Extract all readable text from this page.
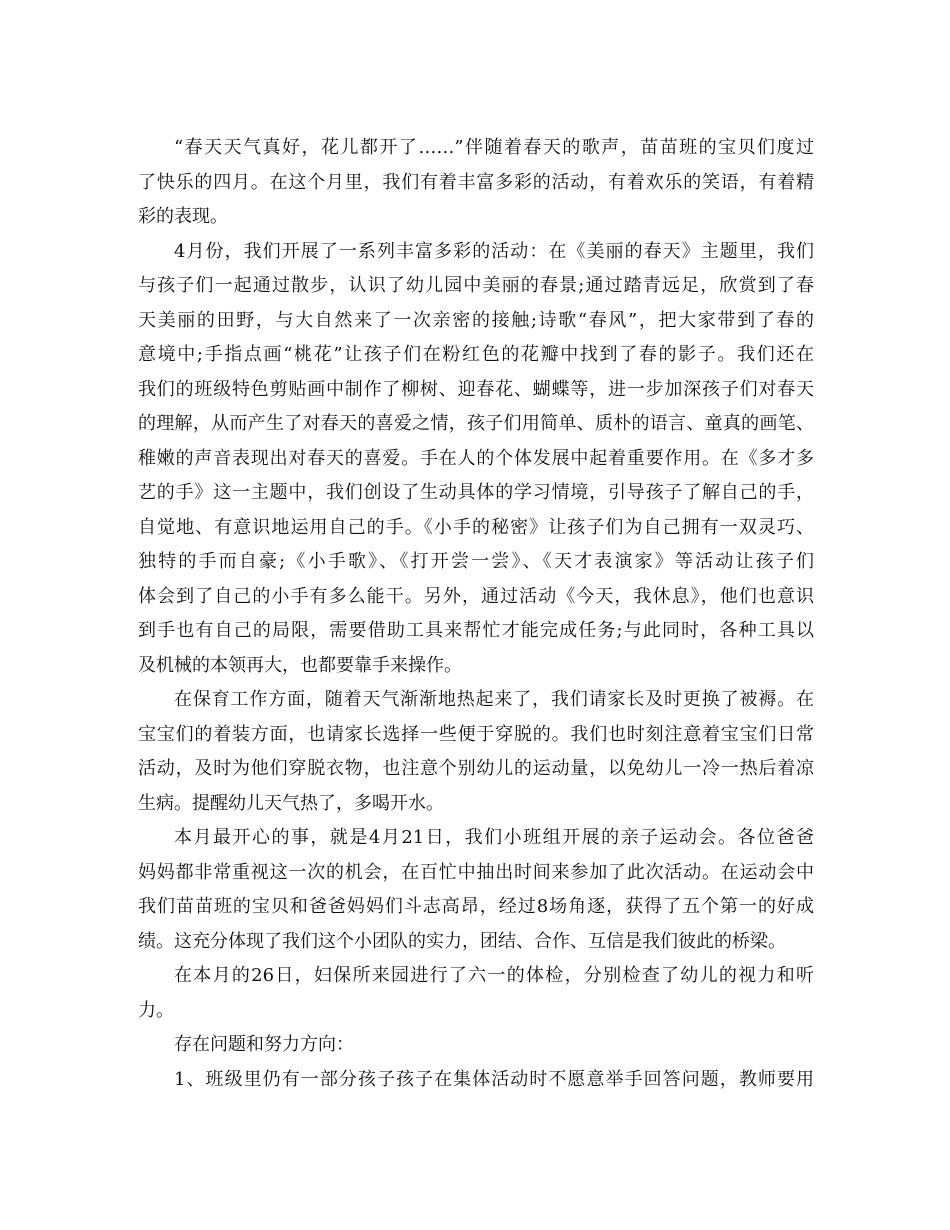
“春天天气真好，花儿都开了……”伴随着春天的歌声，苗苗班的宝贝们度过
了快乐的四月。在这个月里，我们有着丰富多彩的活动，有着欢乐的笑语，有着精
彩的表现。
4月份，我们开展了一系列丰富多彩的活动：在《美丽的春天》主题里，我们
与孩子们一起通过散步，认识了幼儿园中美丽的春景;通过踏青远足，欣赏到了春
天美丽的田野，与大自然来了一次亲密的接触;诗歌“春风”，把大家带到了春的
意境中;手指点画“桃花”让孩子们在粉红色的花瓣中找到了春的影子。我们还在
我们的班级特色剪贴画中制作了柳树、迎春花、蝴蝶等，进一步加深孩子们对春天
的理解，从而产生了对春天的喜爱之情，孩子们用简单、质朴的语言、童真的画笔、
稚嫩的声音表现出对春天的喜爱。手在人的个体发展中起着重要作用。在《多才多
艺的手》这一主题中，我们创设了生动具体的学习情境，引导孩子了解自己的手，
自觉地、有意识地运用自己的手。《小手的秘密》让孩子们为自己拥有一双灵巧、
独特的手而自豪;《小手歌》、《打开尝一尝》、《天才表演家》等活动让孩子们
体会到了自己的小手有多么能干。另外，通过活动《今天，我休息》，他们也意识
到手也有自己的局限，需要借助工具来帮忙才能完成任务;与此同时，各种工具以
及机械的本领再大，也都要靠手来操作。
在保育工作方面，随着天气渐渐地热起来了，我们请家长及时更换了被褥。在
宝宝们的着装方面，也请家长选择一些便于穿脱的。我们也时刻注意着宝宝们日常
活动，及时为他们穿脱衣物，也注意个别幼儿的运动量，以免幼儿一冷一热后着凉
生病。提醒幼儿天气热了，多喝开水。
本月最开心的事，就是4月21日，我们小班组开展的亲子运动会。各位爸爸
妈妈都非常重视这一次的机会，在百忙中抽出时间来参加了此次活动。在运动会中
我们苗苗班的宝贝和爸爸妈妈们斗志高昂，经过8场角逐，获得了五个第一的好成
绩。这充分体现了我们这个小团队的实力，团结、合作、互信是我们彼此的桥梁。
在本月的26日，妇保所来园进行了六一的体检，分别检查了幼儿的视力和听
力。
存在问题和努力方向：
1、班级里仍有一部分孩子孩子在集体活动时不愿意举手回答问题，教师要用
